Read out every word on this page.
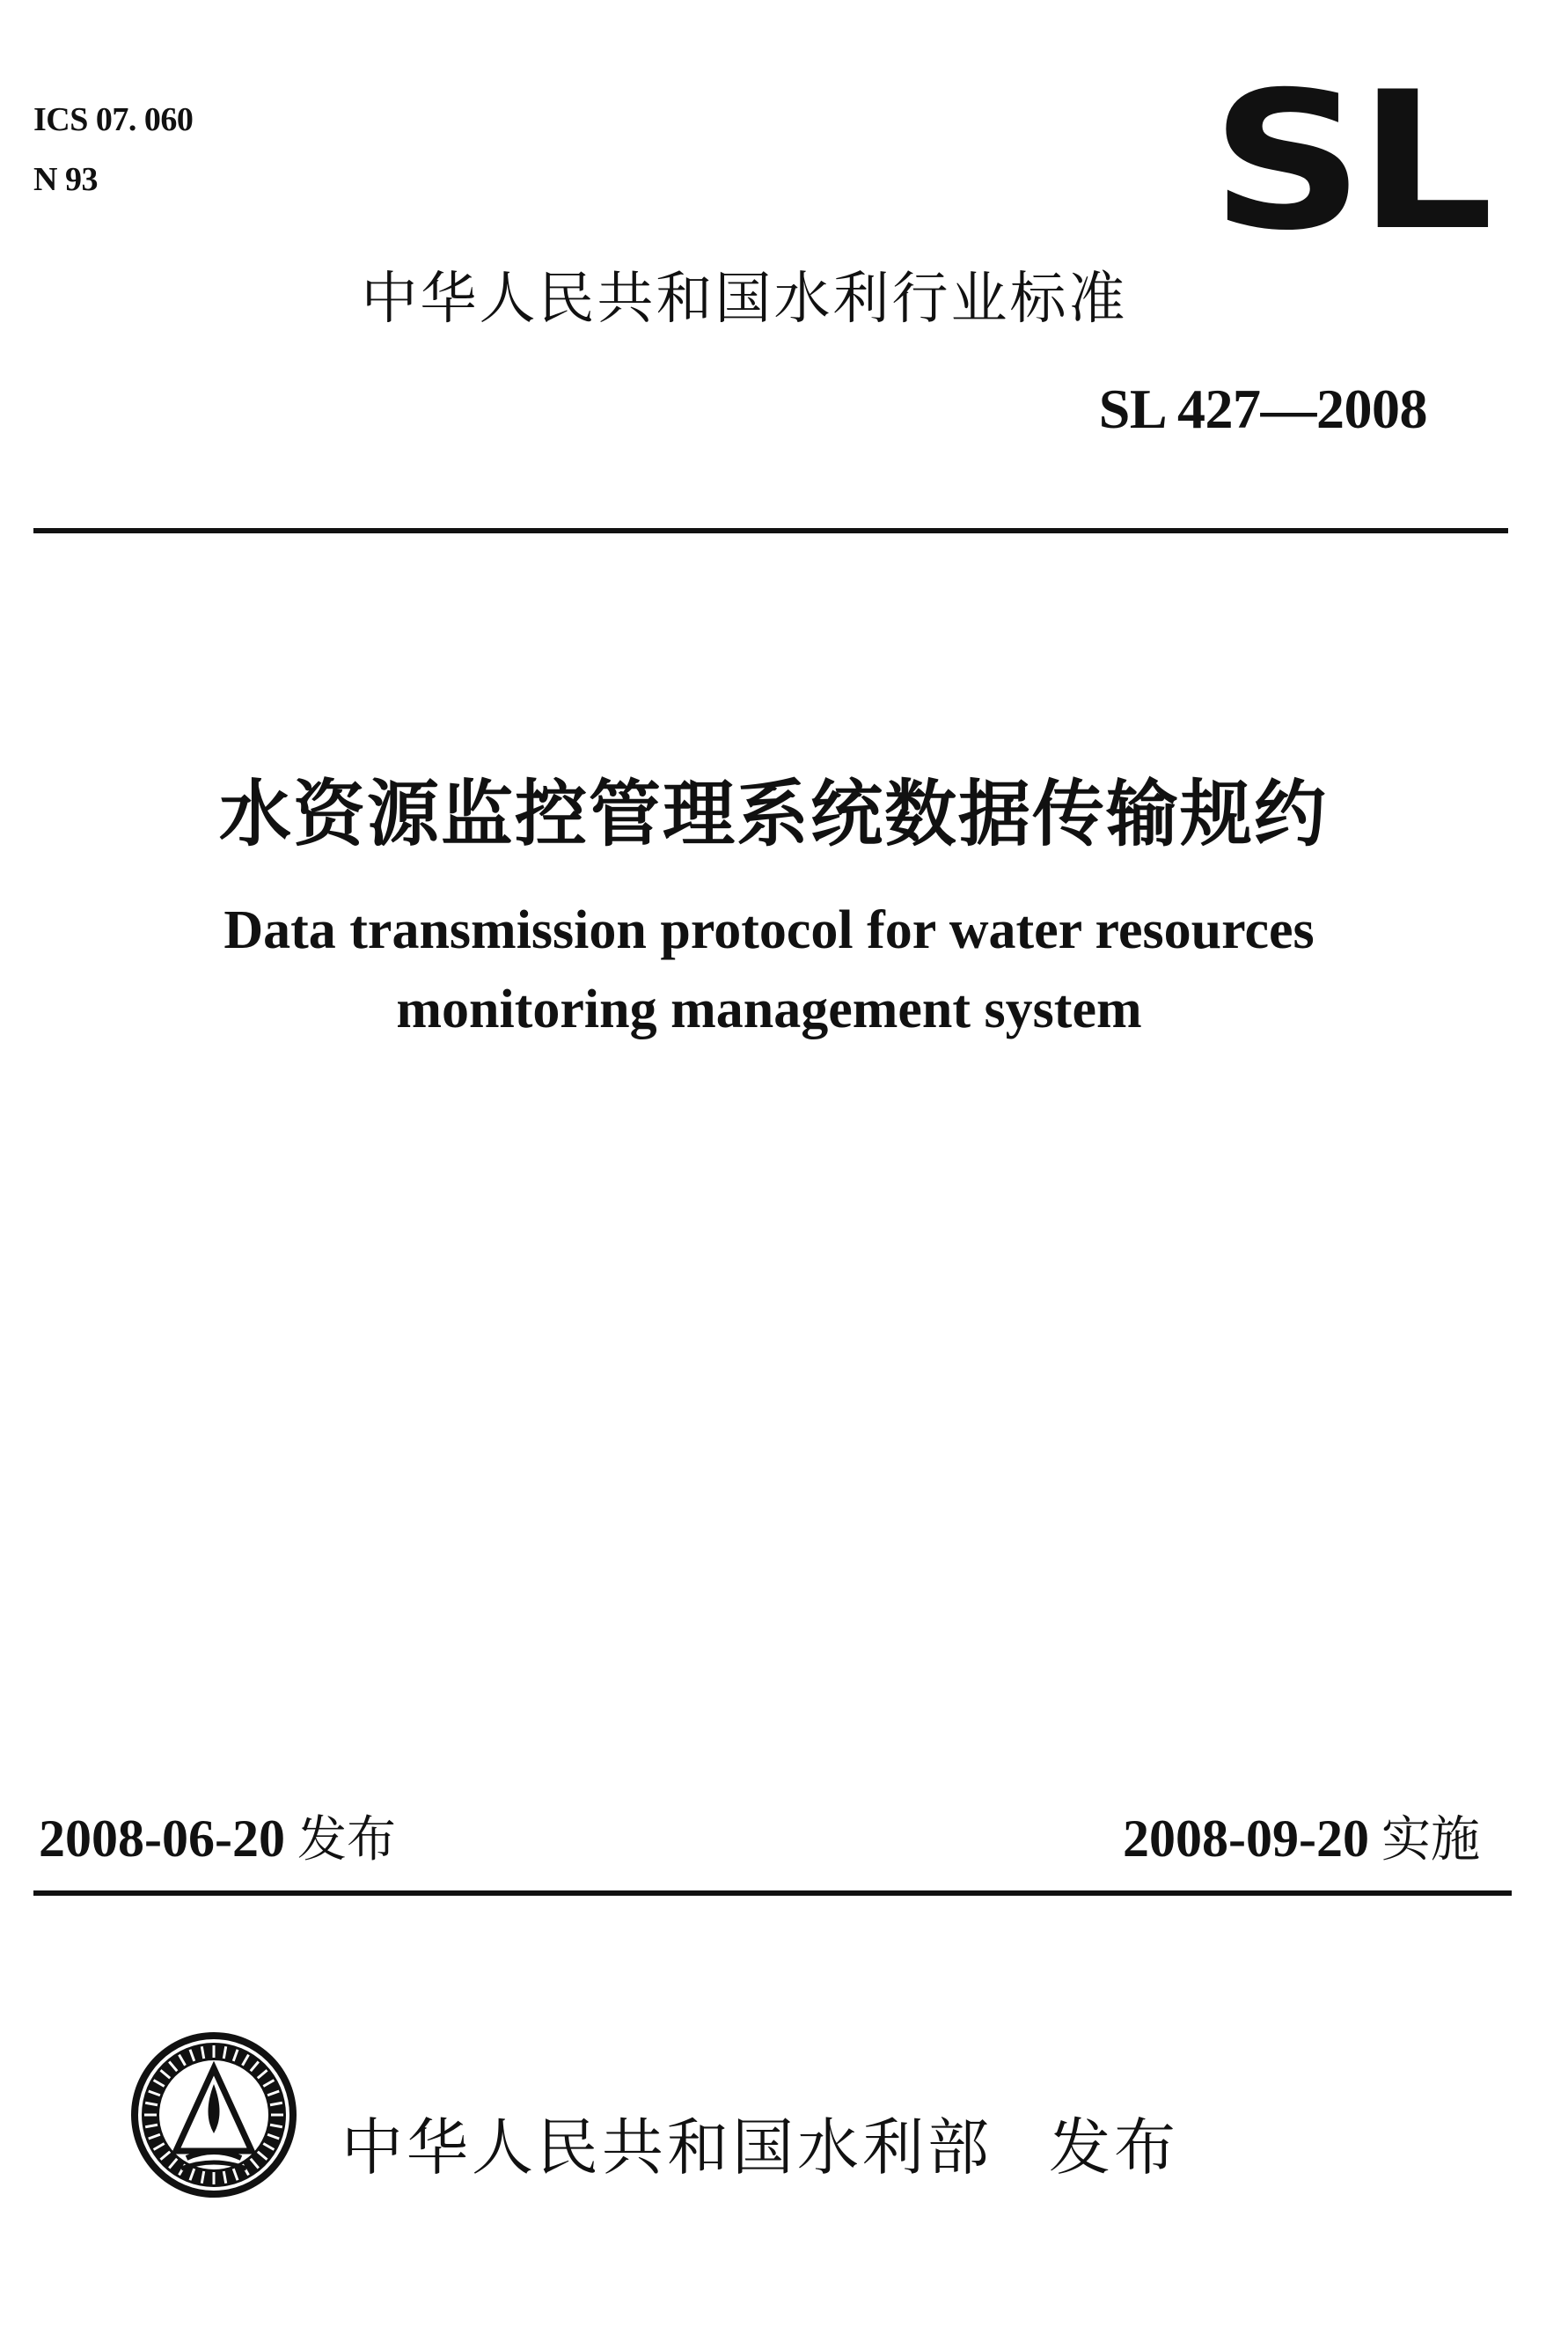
ICS 07. 060
N 93	SL
中华人民共和国水利行业标准
SL 427—2008
水资源监控管理系统数据传输规约
Data transmission protocol for water resources
monitoring management system
2008-06-20 发布	2008-09-20 实施
中华人民共和国水利部 发布
